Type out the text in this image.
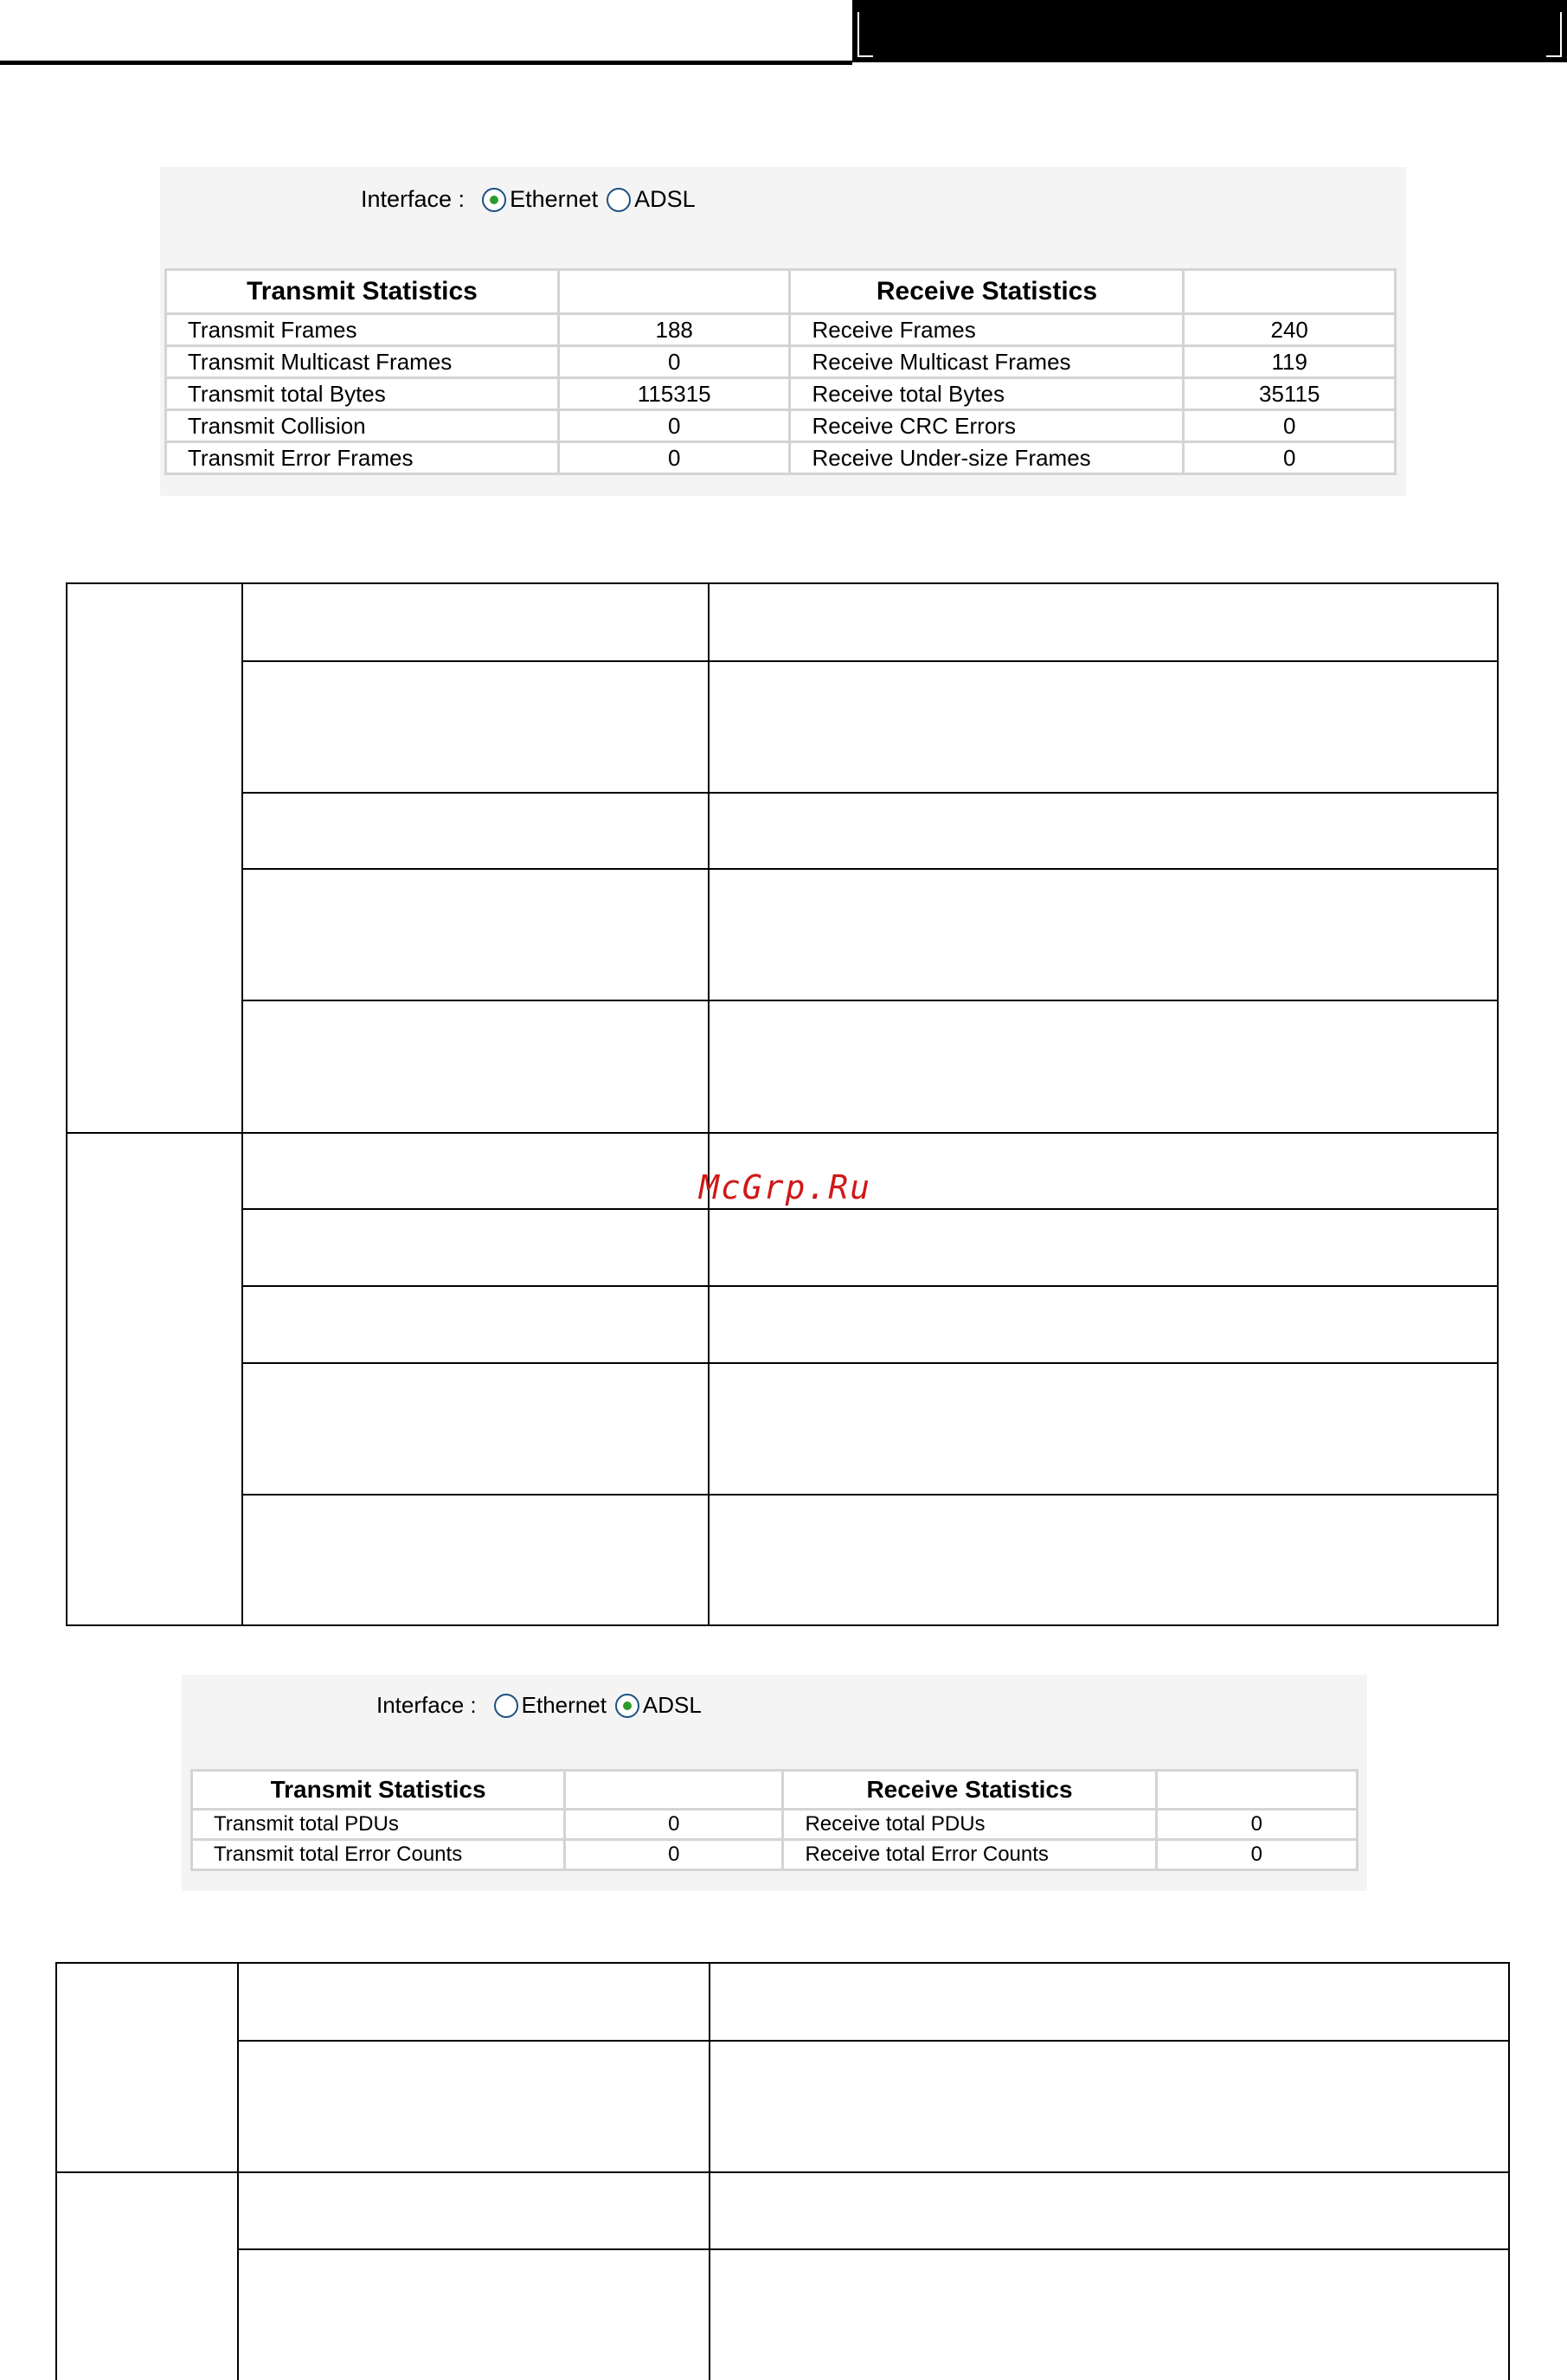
Interface : Ethernet ADSL
Transmit Statistics		Receive Statistics	
Transmit Frames	188	Receive Frames	240
Transmit Multicast Frames	0	Receive Multicast Frames	119
Transmit total Bytes	115315	Receive total Bytes	35115
Transmit Collision	0	Receive CRC Errors	0
Transmit Error Frames	0	Receive Under-size Frames	0
McGrp.Ru
Interface : Ethernet ADSL
Transmit Statistics		Receive Statistics	
Transmit total PDUs	0	Receive total PDUs	0
Transmit total Error Counts	0	Receive total Error Counts	0
